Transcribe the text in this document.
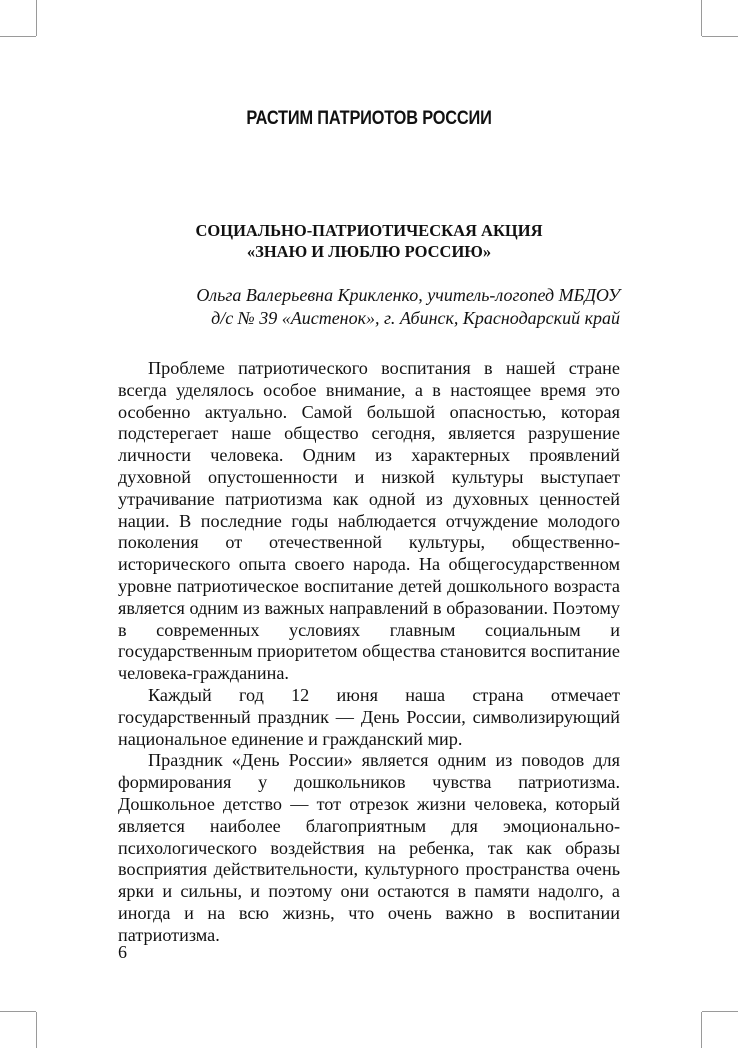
РАСТИМ ПАТРИОТОВ РОССИИ
СОЦИАЛЬНО-ПАТРИОТИЧЕСКАЯ АКЦИЯ
«ЗНАЮ И ЛЮБЛЮ РОССИЮ»
Ольга Валерьевна Крикленко, учитель-логопед МБДОУ
д/с № 39 «Аистенок», г. Абинск, Краснодарский край

Проблеме патриотического воспитания в нашей стране всегда уделялось особое внимание, а в настоящее время это особенно актуально. Самой большой опасностью, которая подстерегает наше общество сегодня, является разрушение личности человека. Одним из характерных проявлений духовной опустошенности и низкой культуры выступает утрачивание патриотизма как одной из духовных ценностей нации. В последние годы наблюдается отчуждение молодого поколения от отечественной культуры, общественно-исторического опыта своего народа. На общегосударственном уровне патриотическое воспитание детей дошкольного возраста является одним из важных направлений в образовании. Поэтому в современных условиях главным социальным и государственным приоритетом общества становится воспитание человека-гражданина.

Каждый год 12 июня наша страна отмечает государственный праздник — День России, символизирующий национальное единение и гражданский мир.

Праздник «День России» является одним из поводов для формирования у дошкольников чувства патриотизма. Дошкольное детство — тот отрезок жизни человека, который является наиболее благоприятным для эмоционально-психологического воздействия на ребенка, так как образы восприятия действительности, культурного пространства очень ярки и сильны, и поэтому они остаются в памяти надолго, а иногда и на всю жизнь, что очень важно в воспитании патриотизма.

6
